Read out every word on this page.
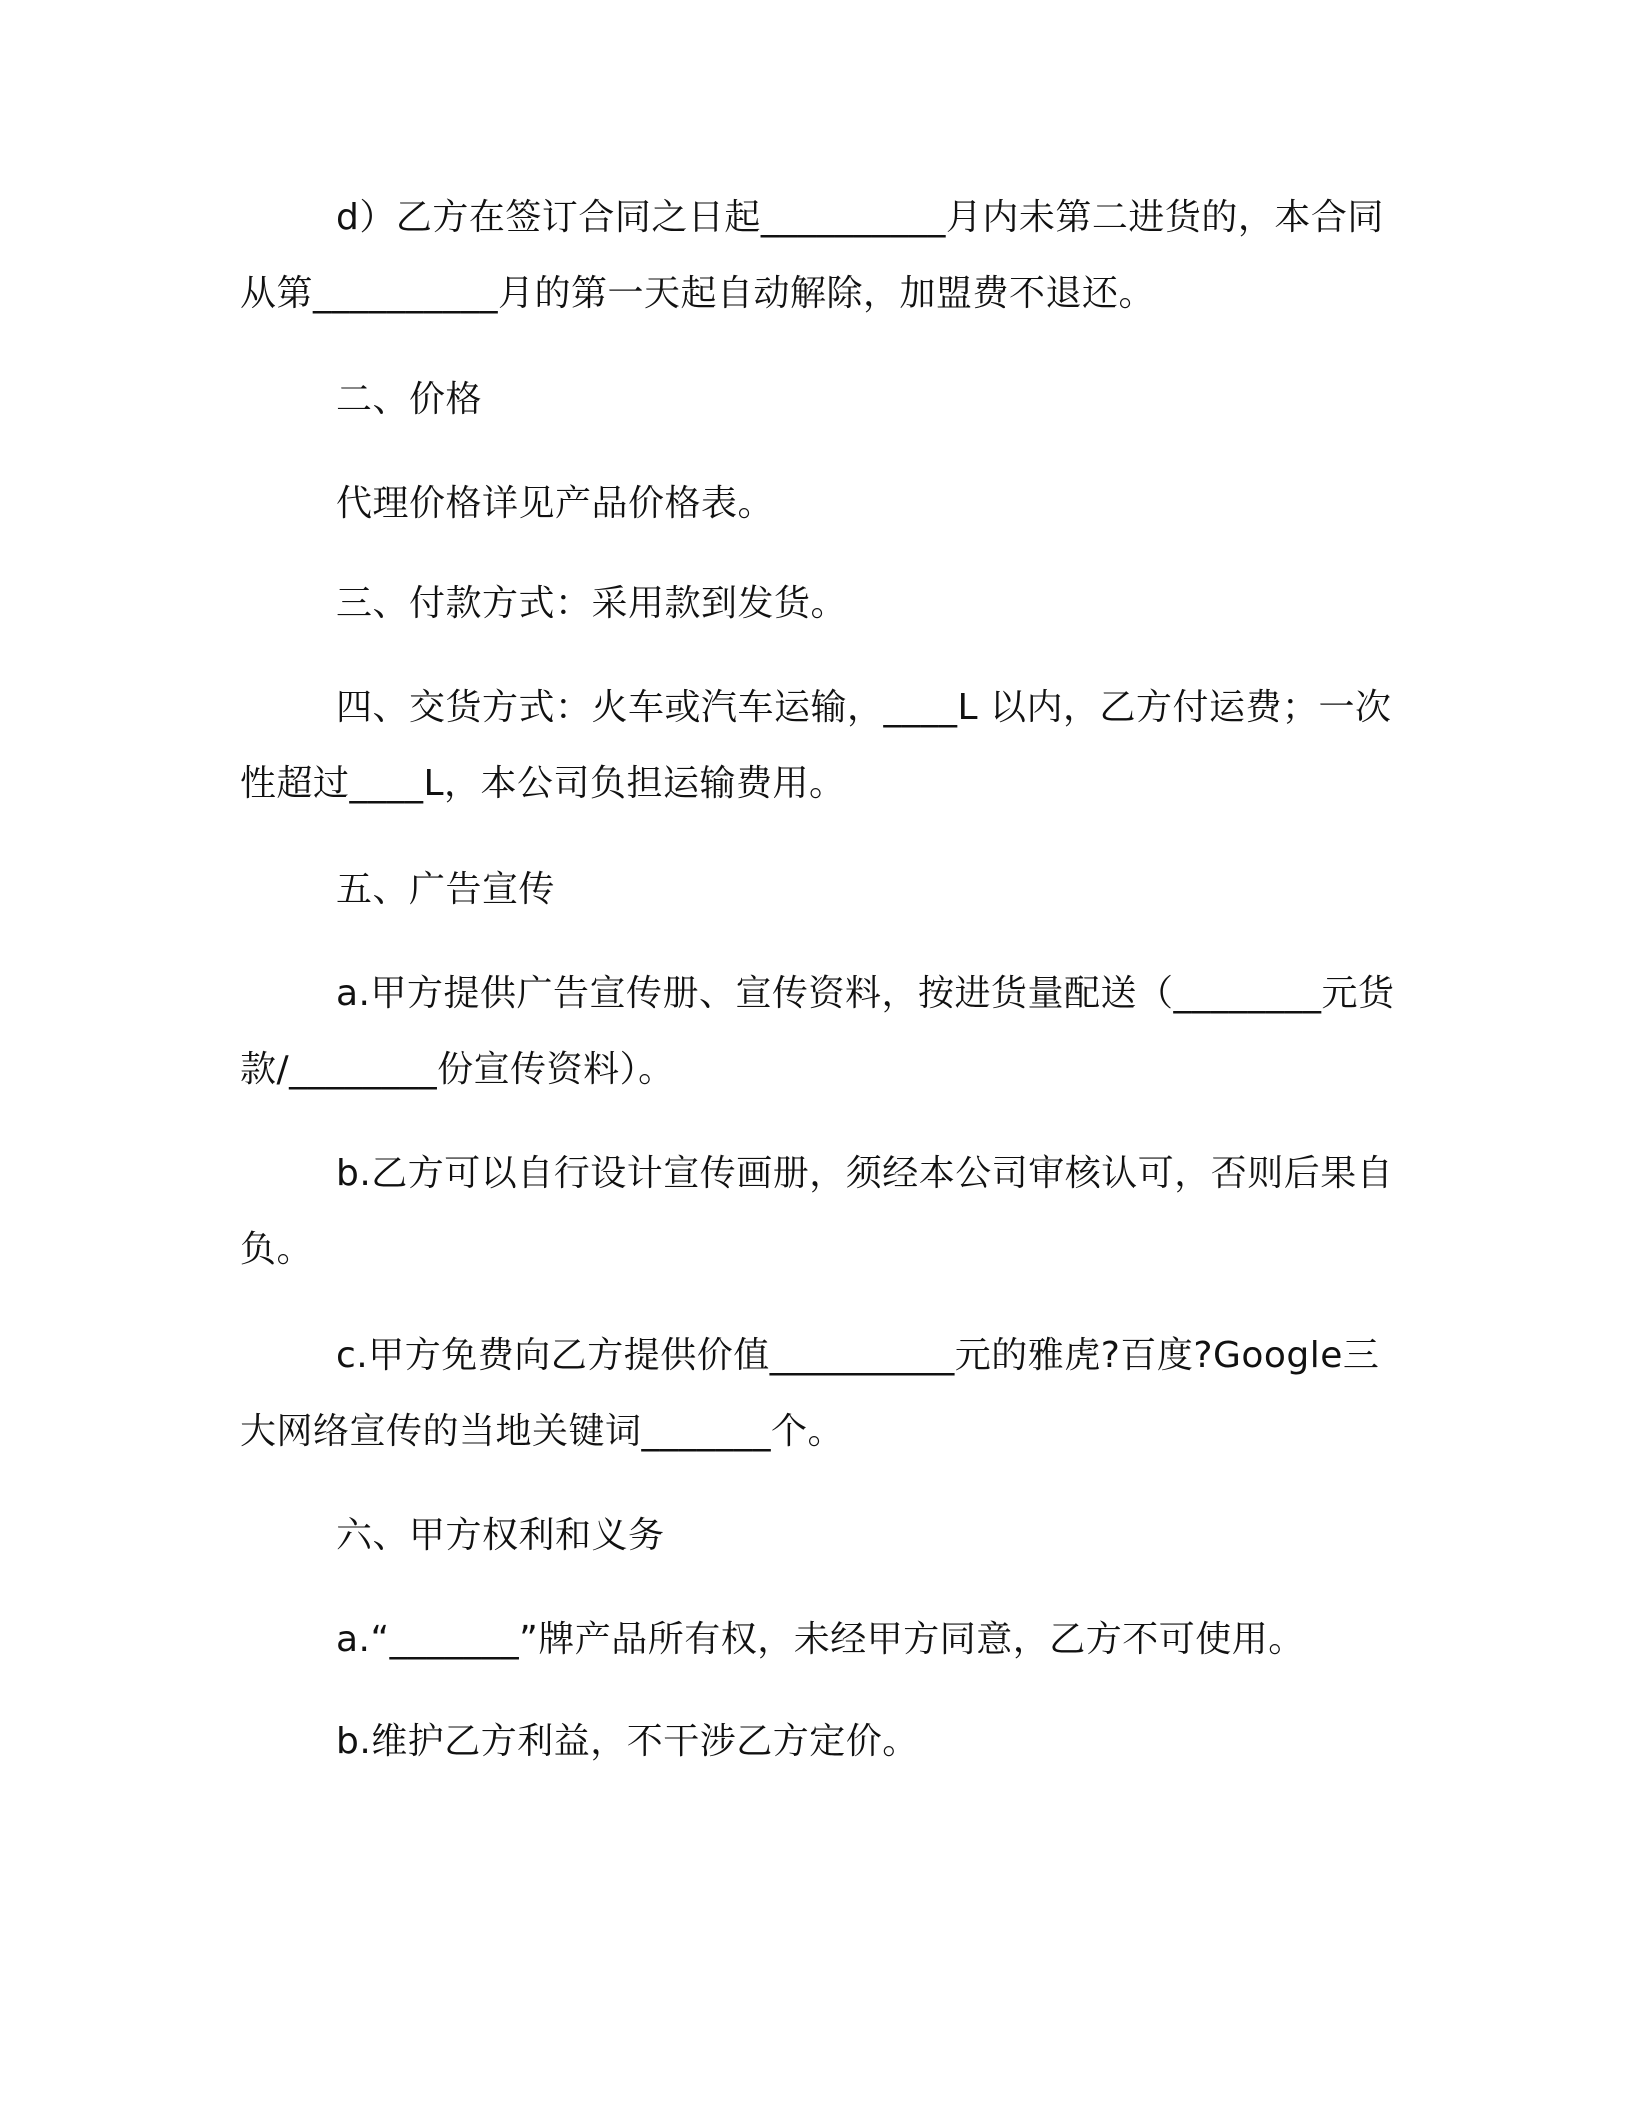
d）乙方在签订合同之日起__________月内未第二进货的，本合同从第__________月的第一天起自动解除，加盟费不退还。

二、价格

代理价格详见产品价格表。

三、付款方式：采用款到发货。

四、交货方式：火车或汽车运输，____L 以内，乙方付运费；一次性超过____L，本公司负担运输费用。

五、广告宣传

a.甲方提供广告宣传册、宣传资料，按进货量配送（________元货款/________份宣传资料）。

b.乙方可以自行设计宣传画册，须经本公司审核认可，否则后果自负。

c.甲方免费向乙方提供价值__________元的雅虎?百度?Google三大网络宣传的当地关键词_______个。

六、甲方权利和义务

a.“_______”牌产品所有权，未经甲方同意，乙方不可使用。

b.维护乙方利益，不干涉乙方定价。
